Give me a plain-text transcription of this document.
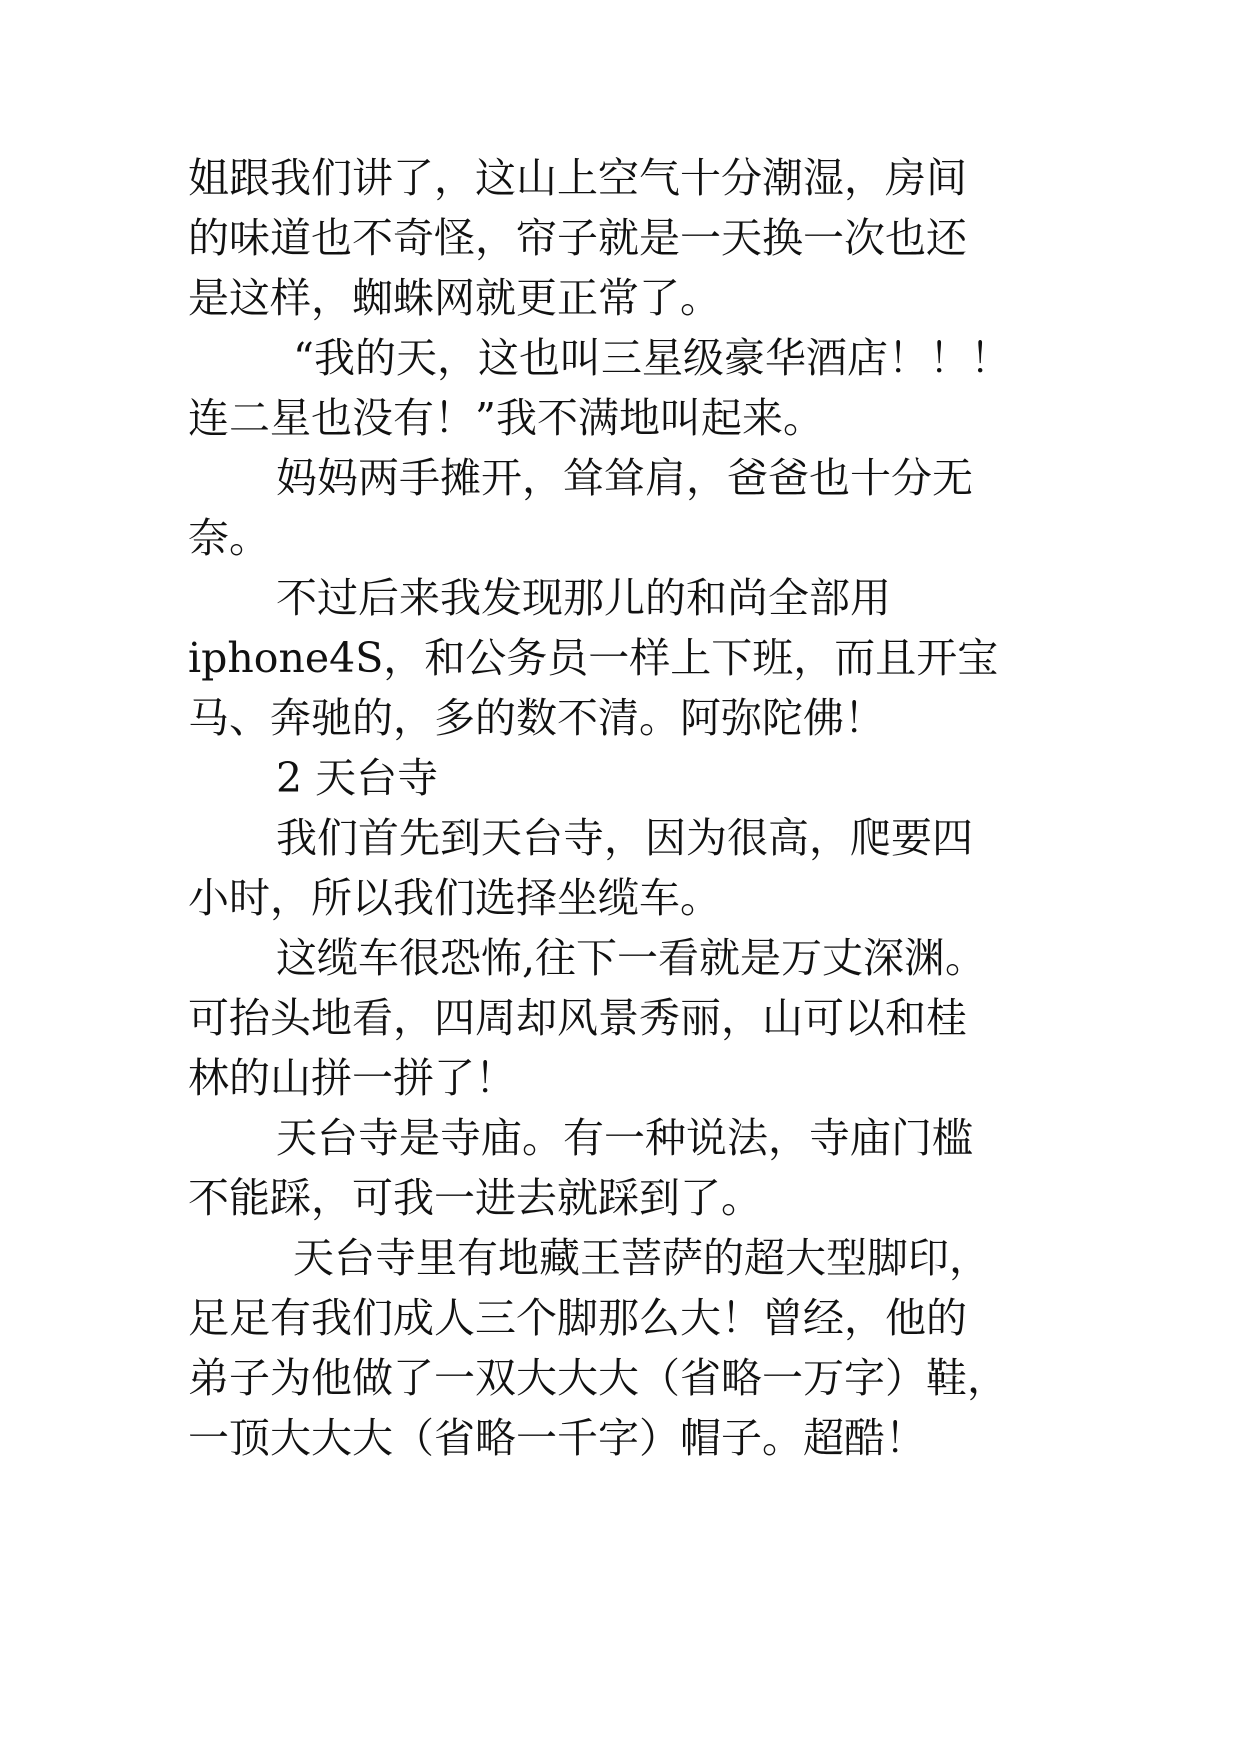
姐跟我们讲了，这山上空气十分潮湿，房间
的味道也不奇怪，帘子就是一天换一次也还
是这样，蜘蛛网就更正常了。
“我的天，这也叫三星级豪华酒店！！！
连二星也没有！”我不满地叫起来。
妈妈两手摊开，耸耸肩，爸爸也十分无
奈。
不过后来我发现那儿的和尚全部用
iphone4S，和公务员一样上下班，而且开宝
马、奔驰的，多的数不清。阿弥陀佛！
2 天台寺
我们首先到天台寺，因为很高，爬要四
小时，所以我们选择坐缆车。
这缆车很恐怖,往下一看就是万丈深渊。
可抬头地看，四周却风景秀丽，山可以和桂
林的山拼一拼了！
天台寺是寺庙。有一种说法，寺庙门槛
不能踩，可我一进去就踩到了。
天台寺里有地藏王菩萨的超大型脚印，
足足有我们成人三个脚那么大！曾经，他的
弟子为他做了一双大大大（省略一万字）鞋，
一顶大大大（省略一千字）帽子。超酷！
